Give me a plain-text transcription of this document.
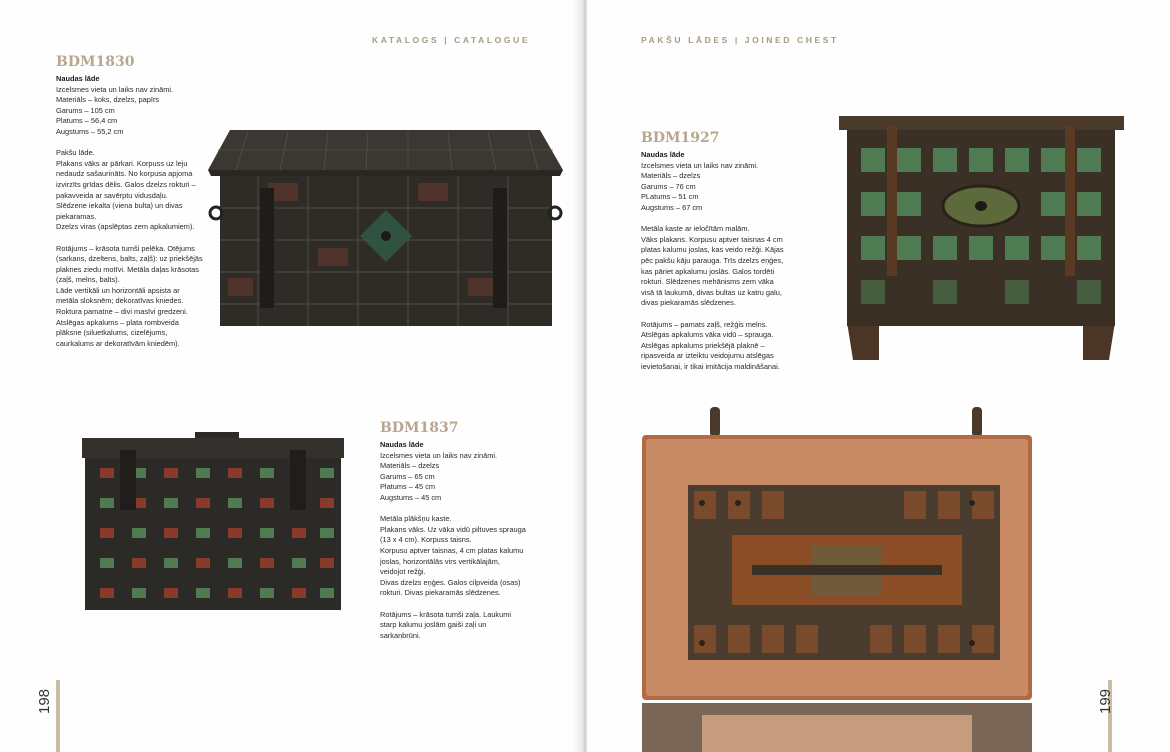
KATALOGS | CATALOGUE
BDM1830
Naudas lāde
Izcelsmes vieta un laiks nav zināmi.
Materiāls – koks, dzelzs, papīrs
Garums – 105 cm
Platums – 56,4 cm
Augstums – 55,2 cm

Pakšu lāde.
Plakans vāks ar pārkari. Korpuss uz leju
nedaudz sašaurināts. No korpusa apjoma
izvirzīts grīdas dēlis. Galos dzelzs rokturi –
pakavveida ar savērptu vidusdaļu.
Slēdzene iekalta (viena bulta) un divas
piekaramas.
Dzelzs viras (apslēptas zem apkalumiem).

Rotājums – krāsota tumši pelēka. Otējums
(sarkans, dzeltens, balts, zaļš): uz priekšējās
plaknes ziedu motīvi. Metāla daļas krāsotas
(zaļš, melns, balts).
Lāde vertikāli un horizontāli apsista ar
metāla sloksnēm; dekoratīvas kniedes.
Roktura pamatne – divi masīvi gredzeni.
Atslēgas apkalums – plata rombveida
plāksne (siluetkalums, cizelējums,
caurkalums ar dekoratīvām kniedēm).
BDM1837
Naudas lāde
Izcelsmes vieta un laiks nav zināmi.
Materiāls – dzelzs
Garums – 65 cm
Platums – 45 cm
Augstums – 45 cm

Metāla plākšņu kaste.
Plakans vāks. Uz vāka vidū piltuves sprauga
(13 x 4 cm). Korpuss taisns.
Korpusu aptver taisnas, 4 cm platas kalumu
joslas, horizontālās virs vertikālajām,
veidojot režģi.
Divas dzelzs eņģes. Galos cilpveida (osas)
rokturi. Divas piekaramās slēdzenes.

Rotājums – krāsota tumši zaļa. Laukumi
starp kalumu joslām gaiši zaļi un
sarkanbrūni.
198
PAKŠU LĀDES | JOINED CHEST
BDM1927
Naudas lāde
Izcelsmes vieta un laiks nav zināmi.
Materiāls – dzelzs
Garums – 76 cm
PLatums – 51 cm
Augstums – 67 cm

Metāla kaste ar ieločītām malām.
Vāks plakans. Korpusu aptver taisnas 4 cm
platas kalumu joslas, kas veido režģi. Kājas
pēc pakšu kāju parauga. Trīs dzelzs eņģes,
kas pāriet apkalumu joslās. Galos tordēti
rokturi. Slēdzenes mehānisms zem vāka
visā tā laukumā, divas bultas uz katru galu,
divas piekaramās slēdzenes.

Rotājums – pamats zaļš, režģis melns.
Atslēgas apkalums vāka vidū – sprauga.
Atslēgas apkalums priekšējā plaknē –
ripasveida ar izteiktu veidojumu atslēgas
ievietošanai, ir tikai imitācija maldināšanai.
199
